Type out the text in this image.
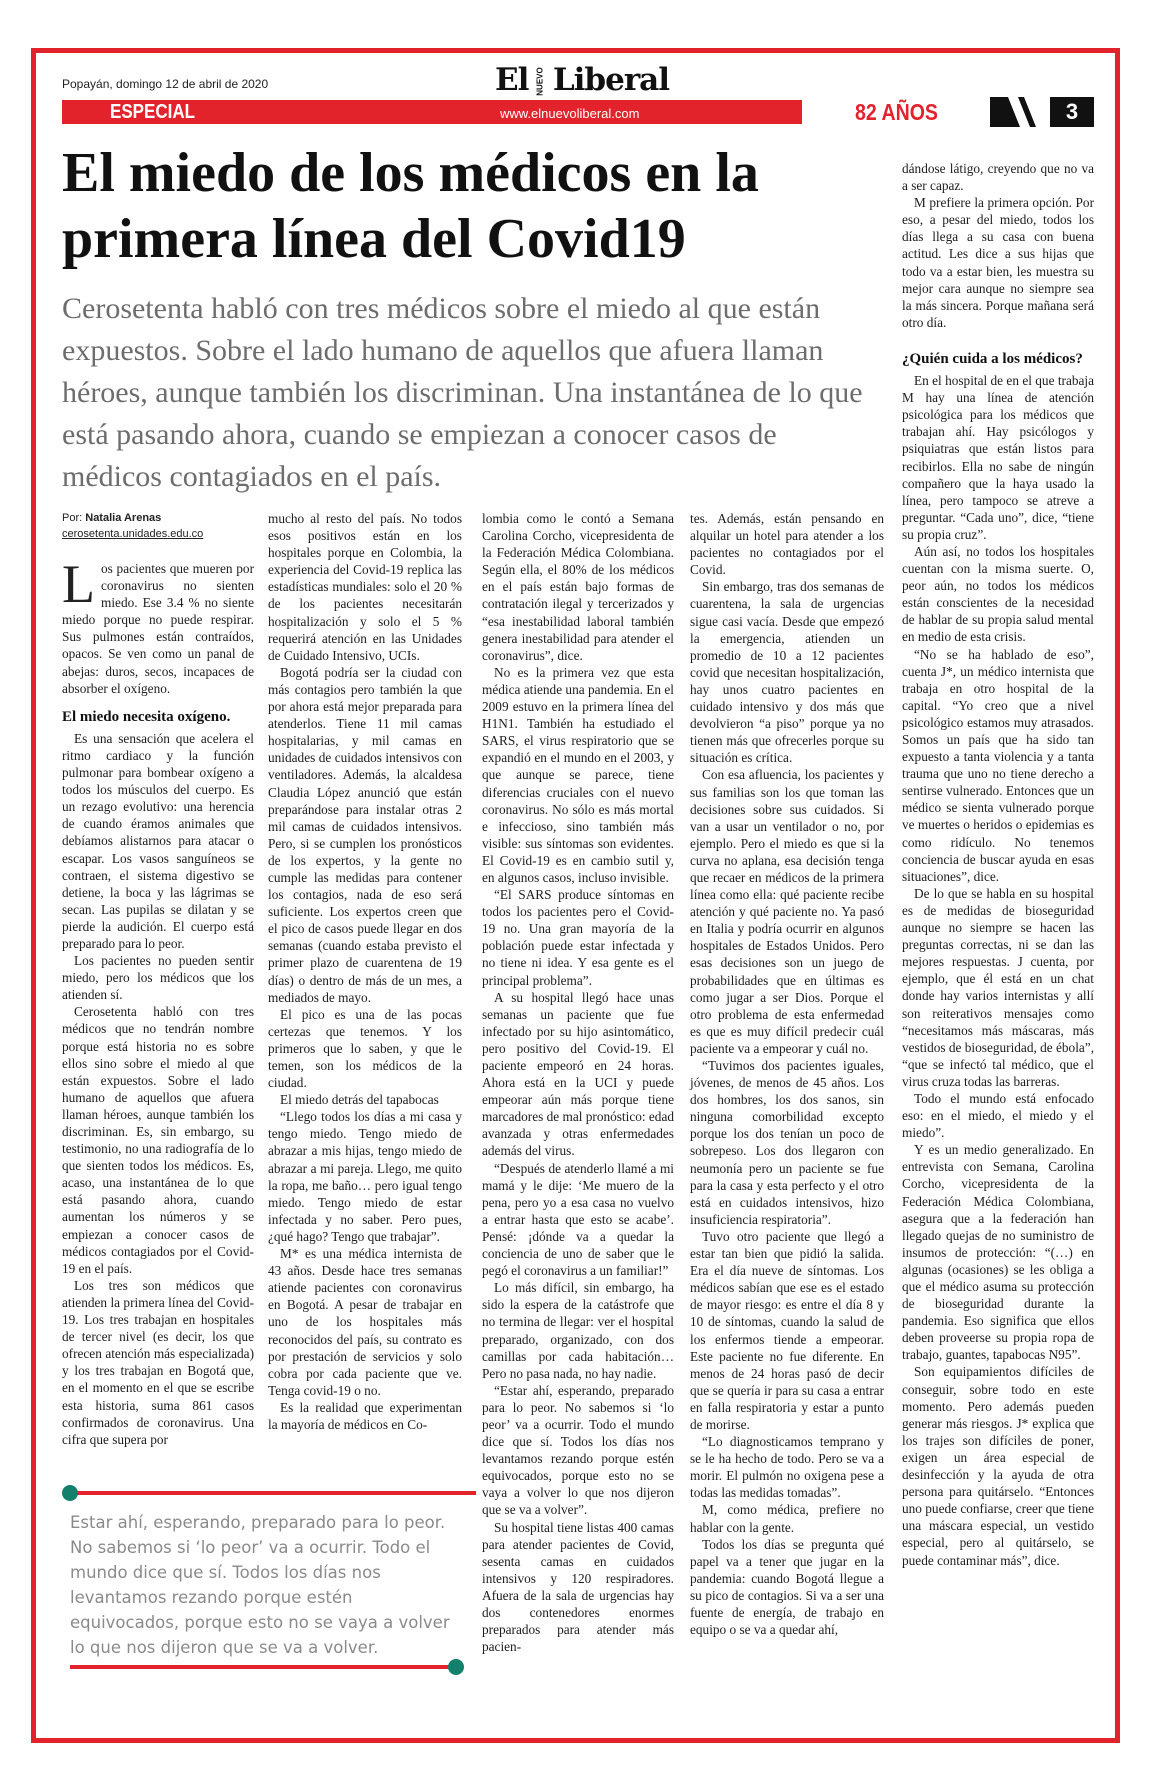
Popayán, domingo 12 de abril de 2020	El NUEVO Liberal
ESPECIAL	www.elnuevoliberal.com	82 AÑOS	3
El miedo de los médicos en la primera línea del Covid19
Cerosetenta habló con tres médicos sobre el miedo al que están expuestos. Sobre el lado humano de aquellos que afuera llaman héroes, aunque también los discriminan. Una instantánea de lo que está pasando ahora, cuando se empiezan a conocer casos de médicos contagiados en el país.
Por: Natalia Arenas
cerosetenta.unidades.edu.co

Los pacientes que mueren por coronavirus no sienten miedo. Ese 3.4 % no siente miedo porque no puede respirar. Sus pulmones están contraídos, opacos. Se ven como un panal de abejas: duros, secos, incapaces de absorber el oxígeno.

El miedo necesita oxígeno.

Es una sensación que acelera el ritmo cardiaco y la función pulmonar para bombear oxígeno a todos los músculos del cuerpo. Es un rezago evolutivo: una herencia de cuando éramos animales que debíamos alistarnos para atacar o escapar. Los vasos sanguíneos se contraen, el sistema digestivo se detiene, la boca y las lágrimas se secan. Las pupilas se dilatan y se pierde la audición. El cuerpo está preparado para lo peor.

Los pacientes no pueden sentir miedo, pero los médicos que los atienden sí.

Cerosetenta habló con tres médicos que no tendrán nombre porque está historia no es sobre ellos sino sobre el miedo al que están expuestos. Sobre el lado humano de aquellos que afuera llaman héroes, aunque también los discriminan. Es, sin embargo, su testimonio, no una radiografía de lo que sienten todos los médicos. Es, acaso, una instantánea de lo que está pasando ahora, cuando aumentan los números y se empiezan a conocer casos de médicos contagiados por el Covid-19 en el país.

Los tres son médicos que atienden la primera línea del Covid-19. Los tres trabajan en hospitales de tercer nivel (es decir, los que ofrecen atención más especializada) y los tres trabajan en Bogotá que, en el momento en el que se escribe esta historia, suma 861 casos confirmados de coronavirus. Una cifra que supera por

mucho al resto del país. No todos esos positivos están en los hospitales porque en Colombia, la experiencia del Covid-19 replica las estadísticas mundiales: solo el 20 % de los pacientes necesitarán hospitalización y solo el 5 % requerirá atención en las Unidades de Cuidado Intensivo, UCIs.

Bogotá podría ser la ciudad con más contagios pero también la que por ahora está mejor preparada para atenderlos. Tiene 11 mil camas hospitalarias, y mil camas en unidades de cuidados intensivos con ventiladores. Además, la alcaldesa Claudia López anunció que están preparándose para instalar otras 2 mil camas de cuidados intensivos. Pero, si se cumplen los pronósticos de los expertos, y la gente no cumple las medidas para contener los contagios, nada de eso será suficiente. Los expertos creen que el pico de casos puede llegar en dos semanas (cuando estaba previsto el primer plazo de cuarentena de 19 días) o dentro de más de un mes, a mediados de mayo.

El pico es una de las pocas certezas que tenemos. Y los primeros que lo saben, y que le temen, son los médicos de la ciudad.

El miedo detrás del tapabocas

“Llego todos los días a mi casa y tengo miedo. Tengo miedo de abrazar a mis hijas, tengo miedo de abrazar a mi pareja. Llego, me quito la ropa, me baño… pero igual tengo miedo. Tengo miedo de estar infectada y no saber. Pero pues, ¿qué hago? Tengo que trabajar”.

M* es una médica internista de 43 años. Desde hace tres semanas atiende pacientes con coronavirus en Bogotá. A pesar de trabajar en uno de los hospitales más reconocidos del país, su contrato es por prestación de servicios y solo cobra por cada paciente que ve. Tenga covid-19 o no.

Es la realidad que experimentan la mayoría de médicos en Co-

lombia como le contó a Semana Carolina Corcho, vicepresidenta de la Federación Médica Colombiana. Según ella, el 80% de los médicos en el país están bajo formas de contratación ilegal y tercerizados y “esa inestabilidad laboral también genera inestabilidad para atender el coronavirus”, dice.

No es la primera vez que esta médica atiende una pandemia. En el 2009 estuvo en la primera línea del H1N1. También ha estudiado el SARS, el virus respiratorio que se expandió en el mundo en el 2003, y que aunque se parece, tiene diferencias cruciales con el nuevo coronavirus. No sólo es más mortal e infeccioso, sino también más visible: sus síntomas son evidentes. El Covid-19 es en cambio sutil y, en algunos casos, incluso invisible.

“El SARS produce síntomas en todos los pacientes pero el Covid-19 no. Una gran mayoría de la población puede estar infectada y no tiene ni idea. Y esa gente es el principal problema”.

A su hospital llegó hace unas semanas un paciente que fue infectado por su hijo asintomático, pero positivo del Covid-19. El paciente empeoró en 24 horas. Ahora está en la UCI y puede empeorar aún más porque tiene marcadores de mal pronóstico: edad avanzada y otras enfermedades además del virus.

“Después de atenderlo llamé a mi mamá y le dije: ‘Me muero de la pena, pero yo a esa casa no vuelvo a entrar hasta que esto se acabe’. Pensé: ¡dónde va a quedar la conciencia de uno de saber que le pegó el coronavirus a un familiar!”

Lo más difícil, sin embargo, ha sido la espera de la catástrofe que no termina de llegar: ver el hospital preparado, organizado, con dos camillas por cada habitación… Pero no pasa nada, no hay nadie.

“Estar ahí, esperando, preparado para lo peor. No sabemos si ‘lo peor’ va a ocurrir. Todo el mundo dice que sí. Todos los días nos levantamos rezando porque estén equivocados, porque esto no se vaya a volver lo que nos dijeron que se va a volver”.

Su hospital tiene listas 400 camas para atender pacientes de Covid, sesenta camas en cuidados intensivos y 120 respiradores. Afuera de la sala de urgencias hay dos contenedores enormes preparados para atender más pacien-

tes. Además, están pensando en alquilar un hotel para atender a los pacientes no contagiados por el Covid.

Sin embargo, tras dos semanas de cuarentena, la sala de urgencias sigue casi vacía. Desde que empezó la emergencia, atienden un promedio de 10 a 12 pacientes covid que necesitan hospitalización, hay unos cuatro pacientes en cuidado intensivo y dos más que devolvieron “a piso” porque ya no tienen más que ofrecerles porque su situación es crítica.

Con esa afluencia, los pacientes y sus familias son los que toman las decisiones sobre sus cuidados. Si van a usar un ventilador o no, por ejemplo. Pero el miedo es que si la curva no aplana, esa decisión tenga que recaer en médicos de la primera línea como ella: qué paciente recibe atención y qué paciente no. Ya pasó en Italia y podría ocurrir en algunos hospitales de Estados Unidos. Pero esas decisiones son un juego de probabilidades que en últimas es como jugar a ser Dios. Porque el otro problema de esta enfermedad es que es muy difícil predecir cuál paciente va a empeorar y cuál no.

“Tuvimos dos pacientes iguales, jóvenes, de menos de 45 años. Los dos hombres, los dos sanos, sin ninguna comorbilidad excepto porque los dos tenían un poco de sobrepeso. Los dos llegaron con neumonía pero un paciente se fue para la casa y esta perfecto y el otro está en cuidados intensivos, hizo insuficiencia respiratoria”.

Tuvo otro paciente que llegó a estar tan bien que pidió la salida. Era el día nueve de síntomas. Los médicos sabían que ese es el estado de mayor riesgo: es entre el día 8 y 10 de síntomas, cuando la salud de los enfermos tiende a empeorar. Este paciente no fue diferente. En menos de 24 horas pasó de decir que se quería ir para su casa a entrar en falla respiratoria y estar a punto de morirse.

“Lo diagnosticamos temprano y se le ha hecho de todo. Pero se va a morir. El pulmón no oxigena pese a todas las medidas tomadas”.

M, como médica, prefiere no hablar con la gente.

Todos los días se pregunta qué papel va a tener que jugar en la pandemia: cuando Bogotá llegue a su pico de contagios. Si va a ser una fuente de energía, de trabajo en equipo o se va a quedar ahí,

dándose látigo, creyendo que no va a ser capaz.

M prefiere la primera opción. Por eso, a pesar del miedo, todos los días llega a su casa con buena actitud. Les dice a sus hijas que todo va a estar bien, les muestra su mejor cara aunque no siempre sea la más sincera. Porque mañana será otro día.

¿Quién cuida a los médicos?

En el hospital de en el que trabaja M hay una línea de atención psicológica para los médicos que trabajan ahí. Hay psicólogos y psiquiatras que están listos para recibirlos. Ella no sabe de ningún compañero que la haya usado la línea, pero tampoco se atreve a preguntar. “Cada uno”, dice, “tiene su propia cruz”.

Aún así, no todos los hospitales cuentan con la misma suerte. O, peor aún, no todos los médicos están conscientes de la necesidad de hablar de su propia salud mental en medio de esta crisis.

“No se ha hablado de eso”, cuenta J*, un médico internista que trabaja en otro hospital de la capital. “Yo creo que a nivel psicológico estamos muy atrasados. Somos un país que ha sido tan expuesto a tanta violencia y a tanta trauma que uno no tiene derecho a sentirse vulnerado. Entonces que un médico se sienta vulnerado porque ve muertes o heridos o epidemias es como ridículo. No tenemos conciencia de buscar ayuda en esas situaciones”, dice.

De lo que se habla en su hospital es de medidas de bioseguridad aunque no siempre se hacen las preguntas correctas, ni se dan las mejores respuestas. J cuenta, por ejemplo, que él está en un chat donde hay varios internistas y allí son reiterativos mensajes como “necesitamos más máscaras, más vestidos de bioseguridad, de ébola”, “que se infectó tal médico, que el virus cruza todas las barreras.

Todo el mundo está enfocado eso: en el miedo, el miedo y el miedo”.

Y es un medio generalizado. En entrevista con Semana, Carolina Corcho, vicepresidenta de la Federación Médica Colombiana, asegura que a la federación han llegado quejas de no suministro de insumos de protección: “(…) en algunas (ocasiones) se les obliga a que el médico asuma su protección de bioseguridad durante la pandemia. Eso significa que ellos deben proveerse su propia ropa de trabajo, guantes, tapabocas N95”.

Son equipamientos difíciles de conseguir, sobre todo en este momento. Pero además pueden generar más riesgos. J* explica que los trajes son difíciles de poner, exigen un área especial de desinfección y la ayuda de otra persona para quitárselo. “Entonces uno puede confiarse, creer que tiene una máscara especial, un vestido especial, pero al quitárselo, se puede contaminar más”, dice.

Estar ahí, esperando, preparado para lo peor. No sabemos si ‘lo peor’ va a ocurrir. Todo el mundo dice que sí. Todos los días nos levantamos rezando porque estén equivocados, porque esto no se vaya a volver lo que nos dijeron que se va a volver.
